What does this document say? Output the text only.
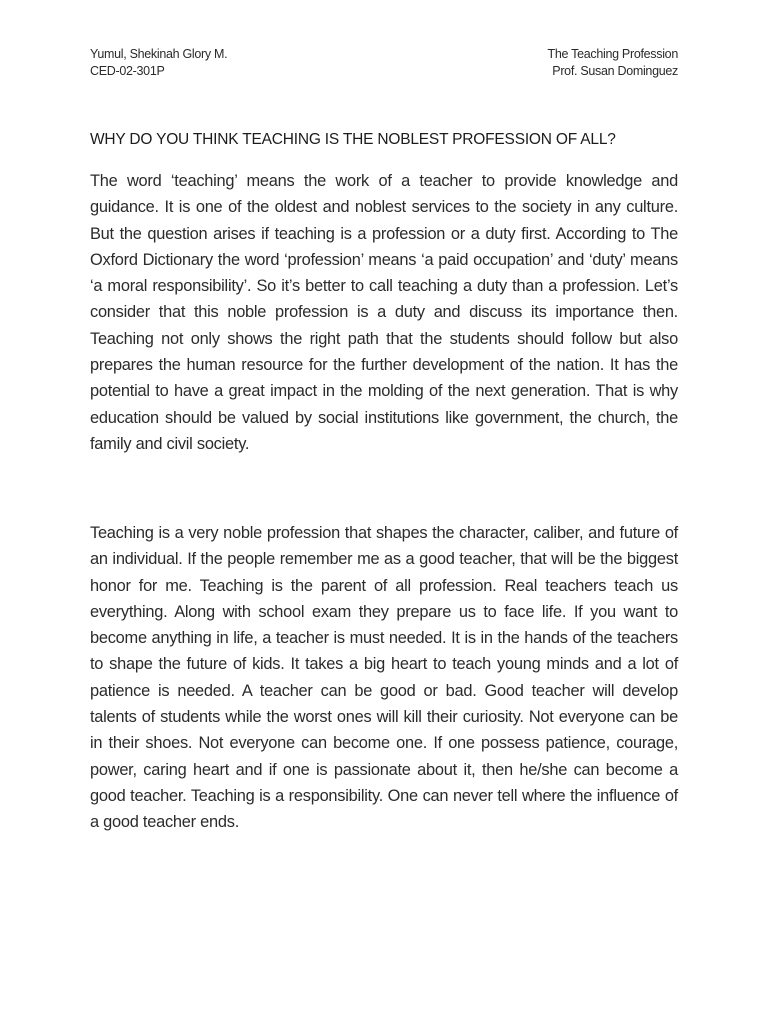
Yumul, Shekinah Glory M.
CED-02-301P
The Teaching Profession
Prof. Susan Dominguez
WHY DO YOU THINK TEACHING IS THE NOBLEST PROFESSION OF ALL?

The word ‘teaching’ means the work of a teacher to provide knowledge and guidance. It is one of the oldest and noblest services to the society in any culture. But the question arises if teaching is a profession or a duty first. According to The Oxford Dictionary the word ‘profession’ means ‘a paid occupation’ and ‘duty’ means ‘a moral responsibility’. So it’s better to call teaching a duty than a profession. Let’s consider that this noble profession is a duty and discuss its importance then. Teaching not only shows the right path that the students should follow but also prepares the human resource for the further development of the nation. It has the potential to have a great impact in the molding of the next generation. That is why education should be valued by social institutions like government, the church, the family and civil society.

Teaching is a very noble profession that shapes the character, caliber, and future of an individual. If the people remember me as a good teacher, that will be the biggest honor for me. Teaching is the parent of all profession. Real teachers teach us everything. Along with school exam they prepare us to face life. If you want to become anything in life, a teacher is must needed. It is in the hands of the teachers to shape the future of kids. It takes a big heart to teach young minds and a lot of patience is needed. A teacher can be good or bad. Good teacher will develop talents of students while the worst ones will kill their curiosity. Not everyone can be in their shoes. Not everyone can become one. If one possess patience, courage, power, caring heart and if one is passionate about it, then he/she can become a good teacher. Teaching is a responsibility. One can never tell where the influence of a good teacher ends.
